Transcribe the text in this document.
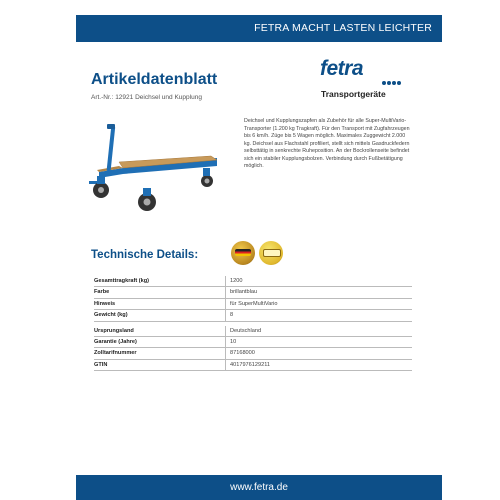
FETRA MACHT LASTEN LEICHTER
Artikeldatenblatt
Art.-Nr.: 12921 Deichsel und Kupplung
fetra
Transportgeräte
Deichsel und Kupplungszapfen als Zubehör für alle Super-MultiVario-Transporter (1.200 kg Tragkraft). Für den Transport mit Zugfahrzeugen bis 6 km/h. Züge bis 5 Wagen möglich. Maximales Zuggewicht 2.000 kg. Deichsel aus Flachstahl profiliert, stellt sich mittels Gasdruckfedern selbsttätig in senkrechte Ruheposition. An der Bockrollenseite befindet sich ein stabiler Kupplungsbolzen. Verbindung durch Fußbetätigung möglich.
Technische Details:
Gesamttragkraft (kg)	1200
Farbe	brillantblau
Hinweis	für SuperMultiVario
Gewicht (kg)	8
Ursprungsland	Deutschland
Garantie (Jahre)	10
Zolltarifnummer	87168000
GTIN	4017976129211
www.fetra.de
